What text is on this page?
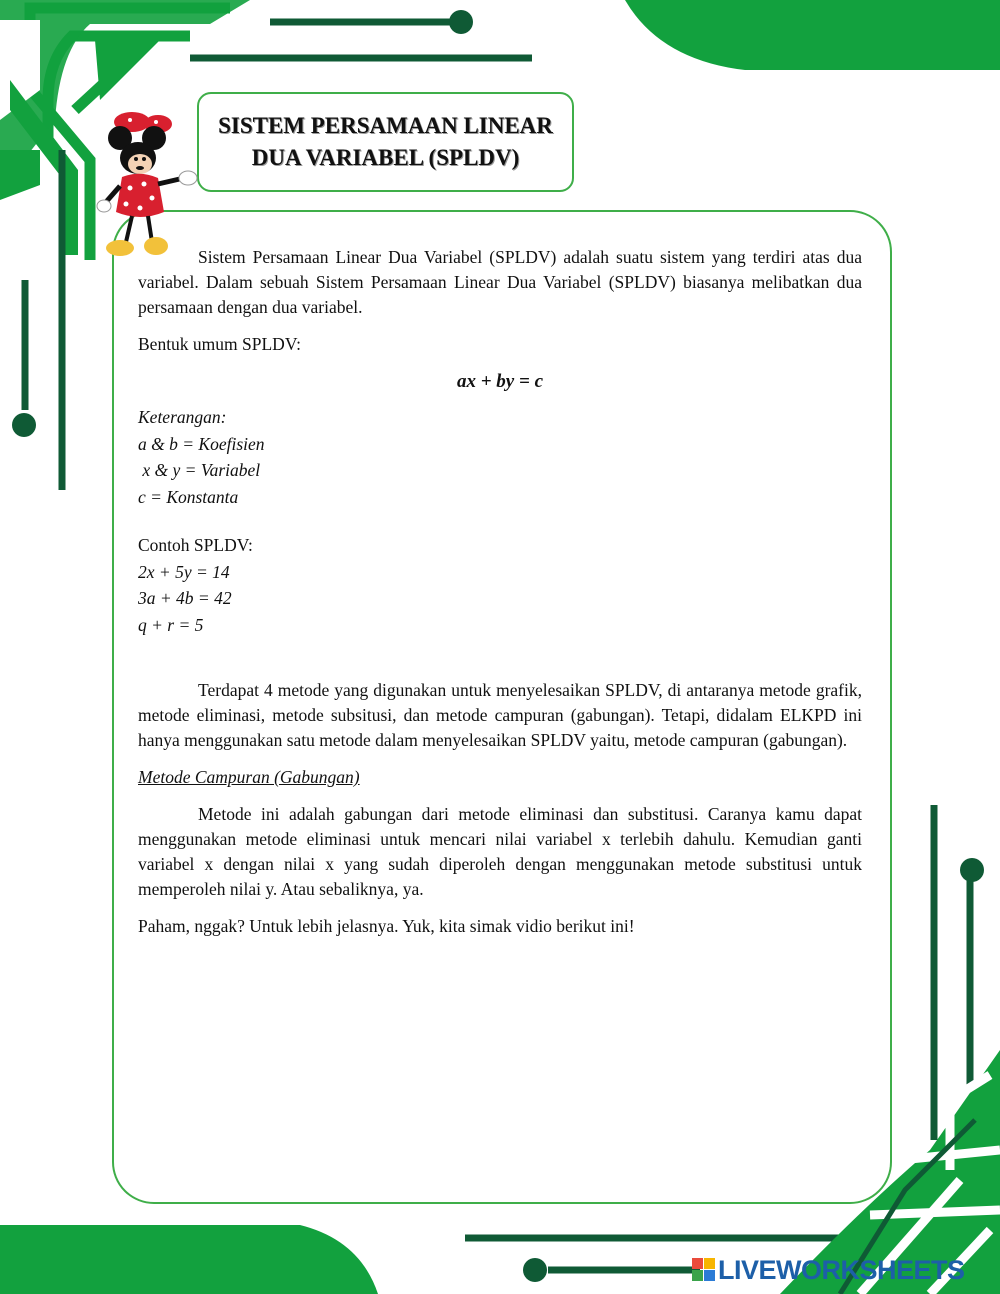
SISTEM PERSAMAAN LINEAR
DUA VARIABEL (SPLDV)

Sistem Persamaan Linear Dua Variabel (SPLDV) adalah suatu sistem yang terdiri atas dua variabel. Dalam sebuah Sistem Persamaan Linear Dua Variabel (SPLDV) biasanya melibatkan dua persamaan dengan dua variabel.

Bentuk umum SPLDV:

ax + by = c

Keterangan:

a & b = Koefisien

x & y = Variabel

c = Konstanta

Contoh SPLDV:

2x + 5y = 14

3a + 4b = 42

q + r = 5

Terdapat 4 metode yang digunakan untuk menyelesaikan SPLDV, di antaranya metode grafik, metode eliminasi, metode subsitusi, dan metode campuran (gabungan). Tetapi, didalam ELKPD ini hanya menggunakan satu metode dalam menyelesaikan SPLDV yaitu, metode campuran (gabungan).

Metode Campuran (Gabungan)

Metode ini adalah gabungan dari metode eliminasi dan substitusi. Caranya kamu dapat menggunakan metode eliminasi untuk mencari nilai variabel x terlebih dahulu. Kemudian ganti variabel x dengan nilai x yang sudah diperoleh dengan menggunakan metode substitusi untuk memperoleh nilai y. Atau sebaliknya, ya.

Paham, nggak? Untuk lebih jelasnya. Yuk, kita simak vidio berikut ini!

LIVEWORKSHEETS
